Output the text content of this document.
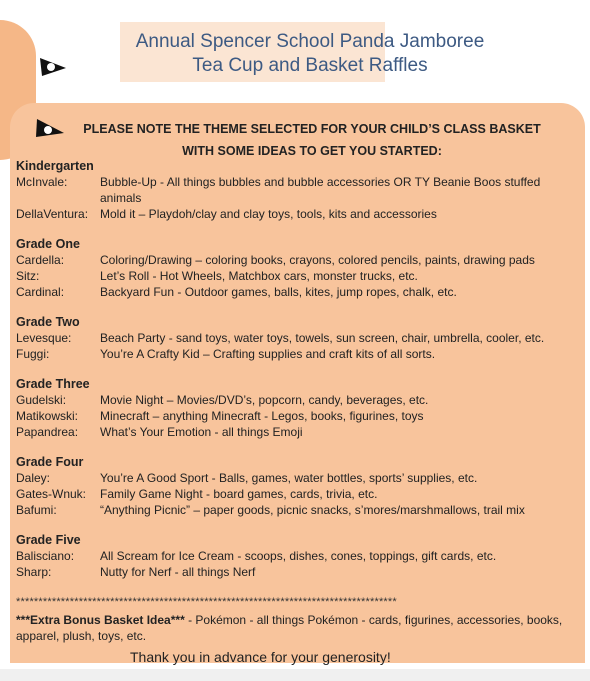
Annual Spencer School Panda Jamboree
Tea Cup and Basket Raffles
PLEASE NOTE THE THEME SELECTED FOR YOUR CHILD’S CLASS BASKET
WITH SOME IDEAS TO GET YOU STARTED:
Kindergarten
McInvale:	Bubble-Up - All things bubbles and bubble accessories OR TY Beanie Boos stuffed animals
DellaVentura: Mold it – Playdoh/clay and clay toys, tools, kits and accessories
Grade One
Cardella:	Coloring/Drawing – coloring books, crayons, colored pencils, paints, drawing pads
Sitz:	Let’s Roll - Hot Wheels, Matchbox cars, monster trucks, etc.
Cardinal:	Backyard Fun - Outdoor games, balls, kites, jump ropes, chalk, etc.
Grade Two
Levesque:	Beach Party - sand toys, water toys, towels, sun screen, chair, umbrella, cooler, etc.
Fuggi:	You’re A Crafty Kid – Crafting supplies and craft kits of all sorts.
Grade Three
Gudelski:	Movie Night – Movies/DVD’s, popcorn, candy, beverages, etc.
Matikowski:	Minecraft – anything Minecraft - Legos, books, figurines, toys
Papandrea:	What’s Your Emotion - all things Emoji
Grade Four
Daley:	You’re A Good Sport - Balls, games, water bottles, sports’ supplies, etc.
Gates-Wnuk:	Family Game Night - board games, cards, trivia, etc.
Bafumi:	“Anything Picnic” – paper goods, picnic snacks, s’mores/marshmallows, trail mix
Grade Five
Balisciano:	All Scream for Ice Cream - scoops, dishes, cones, toppings, gift cards, etc.
Sharp:	Nutty for Nerf - all things Nerf
*************************************************************************************
***Extra Bonus Basket Idea*** - Pokémon - all things Pokémon - cards, figurines, accessories, books, apparel, plush, toys, etc.
Thank you in advance for your generosity!
